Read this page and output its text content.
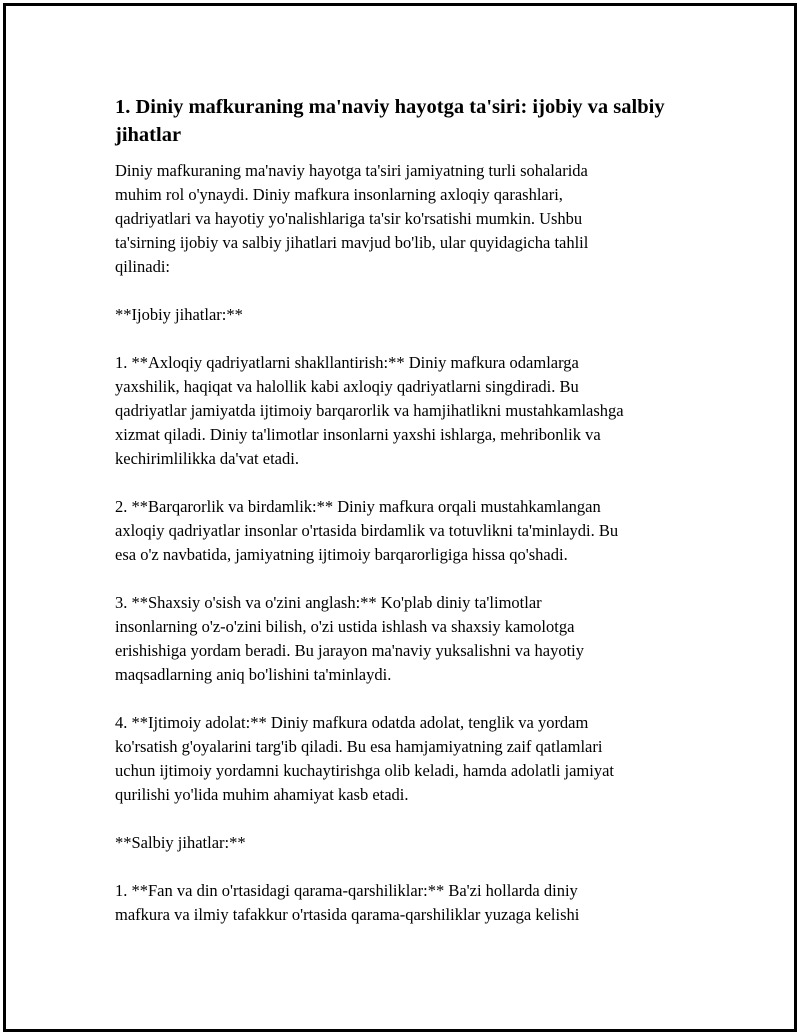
1. Diniy mafkuraning ma'naviy hayotga ta'siri: ijobiy va salbiy jihatlar

Diniy mafkuraning ma'naviy hayotga ta'siri jamiyatning turli sohalarida
muhim rol o'ynaydi. Diniy mafkura insonlarning axloqiy qarashlari,
qadriyatlari va hayotiy yo'nalishlariga ta'sir ko'rsatishi mumkin. Ushbu
ta'sirning ijobiy va salbiy jihatlari mavjud bo'lib, ular quyidagicha tahlil
qilinadi:

**Ijobiy jihatlar:**

1. **Axloqiy qadriyatlarni shakllantirish:** Diniy mafkura odamlarga
yaxshilik, haqiqat va halollik kabi axloqiy qadriyatlarni singdiradi. Bu
qadriyatlar jamiyatda ijtimoiy barqarorlik va hamjihatlikni mustahkamlashga
xizmat qiladi. Diniy ta'limotlar insonlarni yaxshi ishlarga, mehribonlik va
kechirimlilikka da'vat etadi.

2. **Barqarorlik va birdamlik:** Diniy mafkura orqali mustahkamlangan
axloqiy qadriyatlar insonlar o'rtasida birdamlik va totuvlikni ta'minlaydi. Bu
esa o'z navbatida, jamiyatning ijtimoiy barqarorligiga hissa qo'shadi.

3. **Shaxsiy o'sish va o'zini anglash:** Ko'plab diniy ta'limotlar
insonlarning o'z-o'zini bilish, o'zi ustida ishlash va shaxsiy kamolotga
erishishiga yordam beradi. Bu jarayon ma'naviy yuksalishni va hayotiy
maqsadlarning aniq bo'lishini ta'minlaydi.

4. **Ijtimoiy adolat:** Diniy mafkura odatda adolat, tenglik va yordam
ko'rsatish g'oyalarini targ'ib qiladi. Bu esa hamjamiyatning zaif qatlamlari
uchun ijtimoiy yordamni kuchaytirishga olib keladi, hamda adolatli jamiyat
qurilishi yo'lida muhim ahamiyat kasb etadi.

**Salbiy jihatlar:**

1. **Fan va din o'rtasidagi qarama-qarshiliklar:** Ba'zi hollarda diniy
mafkura va ilmiy tafakkur o'rtasida qarama-qarshiliklar yuzaga kelishi
